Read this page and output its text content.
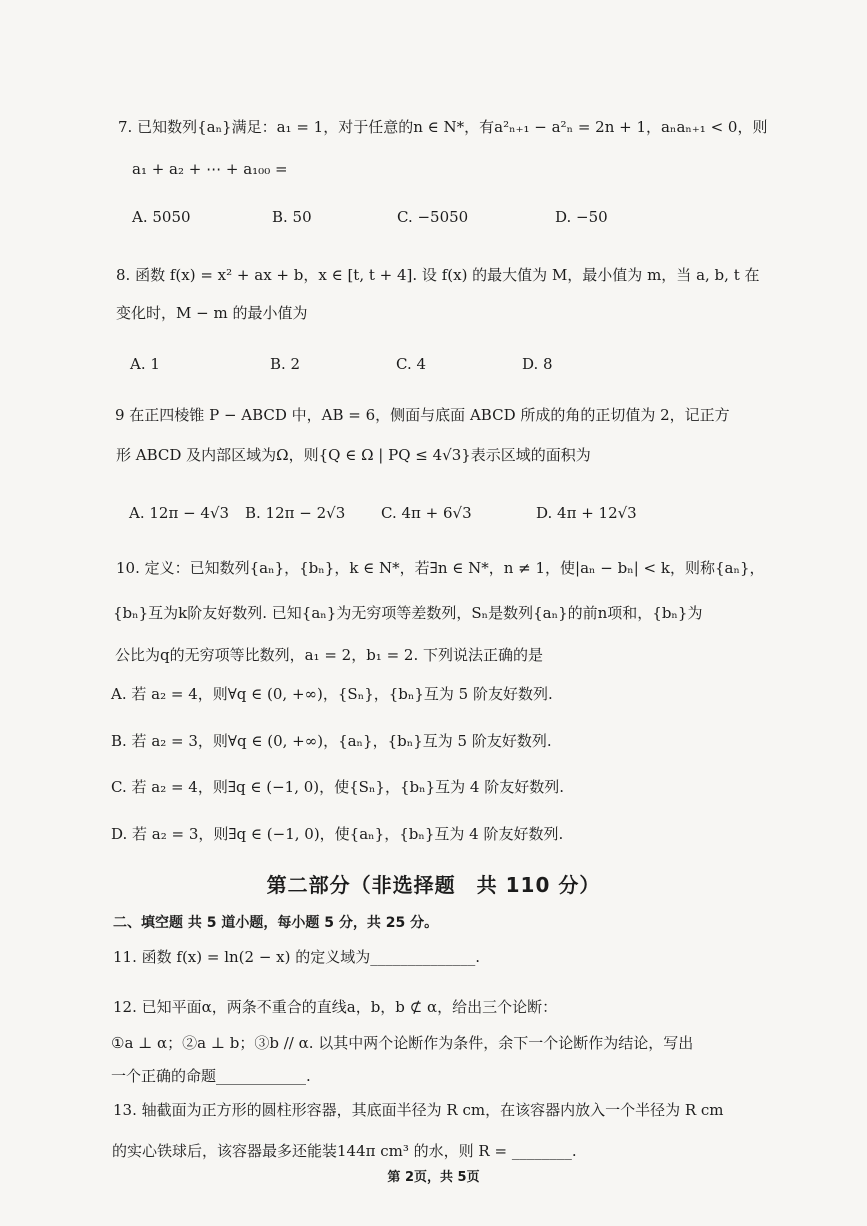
7. 已知数列{aₙ}满足：a₁ = 1，对于任意的n ∈ N*，有a²ₙ₊₁ − a²ₙ = 2n + 1，aₙaₙ₊₁ < 0，则
a₁ + a₂ + ⋯ + a₁₀₀ =
A. 5050	B. 50	C. −5050	D. −50
8. 函数 f(x) = x² + ax + b，x ∈ [t, t + 4]. 设 f(x) 的最大值为 M，最小值为 m，当 a, b, t 在
变化时，M − m 的最小值为
A. 1	B. 2	C. 4	D. 8
9 在正四棱锥 P − ABCD 中，AB = 6，侧面与底面 ABCD 所成的角的正切值为 2，记正方
形 ABCD 及内部区域为Ω，则{Q ∈ Ω | PQ ≤ 4√3}表示区域的面积为
A. 12π − 4√3 B. 12π − 2√3 C. 4π + 6√3	D. 4π + 12√3
10. 定义：已知数列{aₙ}，{bₙ}，k ∈ N*，若∃n ∈ N*，n ≠ 1，使|aₙ − bₙ| < k，则称{aₙ}，
{bₙ}互为k阶友好数列. 已知{aₙ}为无穷项等差数列，Sₙ是数列{aₙ}的前n项和，{bₙ}为
公比为q的无穷项等比数列，a₁ = 2，b₁ = 2. 下列说法正确的是
A. 若 a₂ = 4，则∀q ∈ (0, +∞)，{Sₙ}，{bₙ}互为 5 阶友好数列.
B. 若 a₂ = 3，则∀q ∈ (0, +∞)，{aₙ}，{bₙ}互为 5 阶友好数列.
C. 若 a₂ = 4，则∃q ∈ (−1, 0)，使{Sₙ}，{bₙ}互为 4 阶友好数列.
D. 若 a₂ = 3，则∃q ∈ (−1, 0)，使{aₙ}，{bₙ}互为 4 阶友好数列.
第二部分（非选择题　共 110 分）
二、填空题 共 5 道小题，每小题 5 分，共 25 分。
11. 函数 f(x) = ln(2 − x) 的定义域为______________.
12. 已知平面α，两条不重合的直线a，b，b ⊄ α，给出三个论断：
①a ⊥ α；②a ⊥ b；③b // α. 以其中两个论断作为条件，余下一个论断作为结论，写出
一个正确的命题____________.
13. 轴截面为正方形的圆柱形容器，其底面半径为 R cm，在该容器内放入一个半径为 R cm
的实心铁球后，该容器最多还能装144π cm³ 的水，则 R = ________.
第 2页，共 5页
